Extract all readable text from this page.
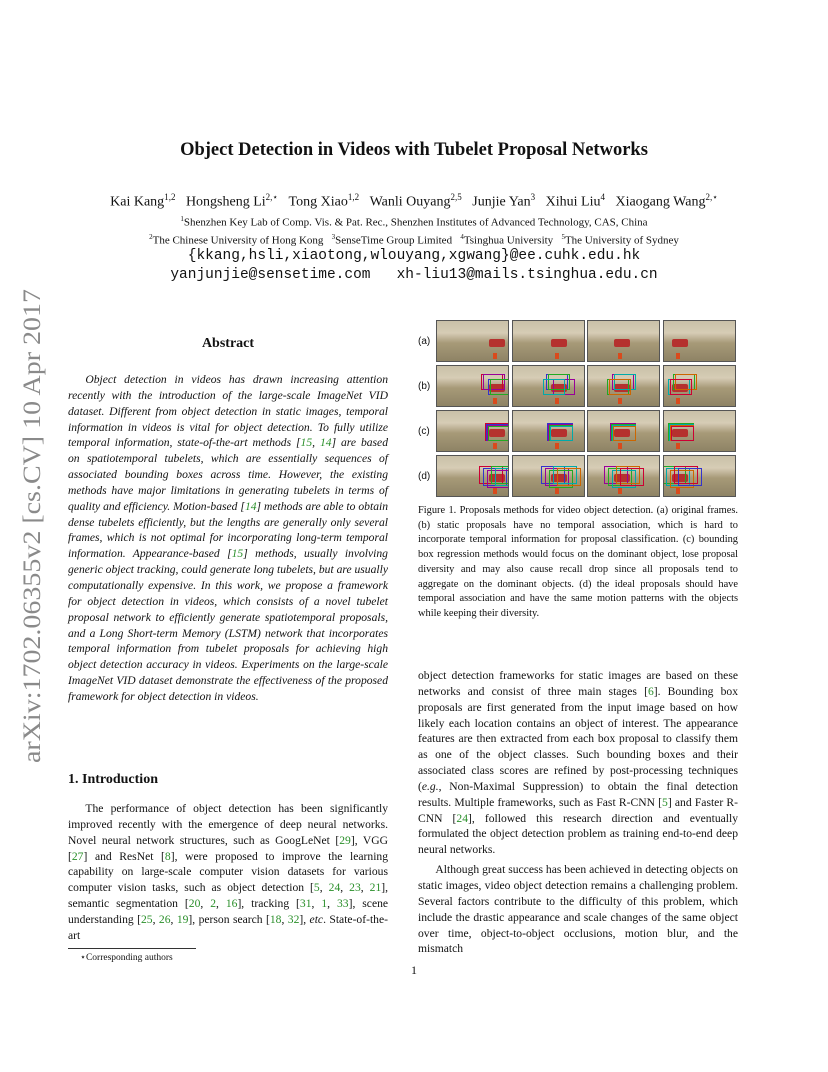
arXiv:1702.06355v2 [cs.CV] 10 Apr 2017
Object Detection in Videos with Tubelet Proposal Networks
Kai Kang$^{1,2}$ Hongsheng $Li^{2,⋆}$ Tong Xiao$^{1,2}$ Wanli Ouyang$^{2,5}$ Junjie Yan$^3$ Xihui Liu$^4$ Xiaogang Wang$^{2,⋆}$
$^1$Shenzhen Key Lab of Comp. Vis. & Pat. Rec., Shenzhen Institutes of Advanced Technology, CAS, China
$^2$The Chinese University of Hong Kong $^3$SenseTime Group Limited $^4$Tsinghua University $^5$The University of Sydney
{kkang,hsli,xiaotong,wlouyang,xgwang}@ee.cuhk.edu.hk
yanjunjie@sensetime.com   xh-liu13@mails.tsinghua.edu.cn
Abstract

Object detection in videos has drawn increasing attention recently with the introduction of the large-scale ImageNet VID dataset. Different from object detection in static images, temporal information in videos is vital for object detection. To fully utilize temporal information, state-of-the-art methods [15, 14] are based on spatiotemporal tubelets, which are essentially sequences of associated bounding boxes across time. However, the existing methods have major limitations in generating tubelets in terms of quality and efficiency. Motion-based [14] methods are able to obtain dense tubelets efficiently, but the lengths are generally only several frames, which is not optimal for incorporating long-term temporal information. Appearance-based [15] methods, usually involving generic object tracking, could generate long tubelets, but are usually computationally expensive. In this work, we propose a framework for object detection in videos, which consists of a novel tubelet proposal network to efficiently generate spatiotemporal proposals, and a Long Short-term Memory (LSTM) network that incorporates temporal information from tubelet proposals for achieving high object detection accuracy in videos. Experiments on the large-scale ImageNet VID dataset demonstrate the effectiveness of the proposed framework for object detection in videos.

1. Introduction

The performance of object detection has been significantly improved recently with the emergence of deep neural networks. Novel neural network structures, such as GoogLeNet [29], VGG [27] and ResNet [8], were proposed to improve the learning capability on large-scale computer vision datasets for various computer vision tasks, such as object detection [5, 24, 23, 21], semantic segmentation [20, 2, 16], tracking [31, 1, 33], scene understanding [25, 26, 19], person search [18, 32], etc. State-of-the-art

⋆Corresponding authors
(a)
(b)
(c)
(d)
Figure 1. Proposals methods for video object detection. (a) original frames. (b) static proposals have no temporal association, which is hard to incorporate temporal information for proposal classification. (c) bounding box regression methods would focus on the dominant object, lose proposal diversity and may also cause recall drop since all proposals tend to aggregate on the dominant objects. (d) the ideal proposals should have temporal association and have the same motion patterns with the objects while keeping their diversity.

object detection frameworks for static images are based on these networks and consist of three main stages [6]. Bounding box proposals are first generated from the input image based on how likely each location contains an object of interest. The appearance features are then extracted from each box proposal to classify them as one of the object classes. Such bounding boxes and their associated class scores are refined by post-processing techniques (e.g., Non-Maximal Suppression) to obtain the final detection results. Multiple frameworks, such as Fast R-CNN [5] and Faster R-CNN [24], followed this research direction and eventually formulated the object detection problem as training end-to-end deep neural networks.

Although great success has been achieved in detecting objects on static images, video object detection remains a challenging problem. Several factors contribute to the difficulty of this problem, which include the drastic appearance and scale changes of the same object over time, object-to-object occlusions, motion blur, and the mismatch

1
